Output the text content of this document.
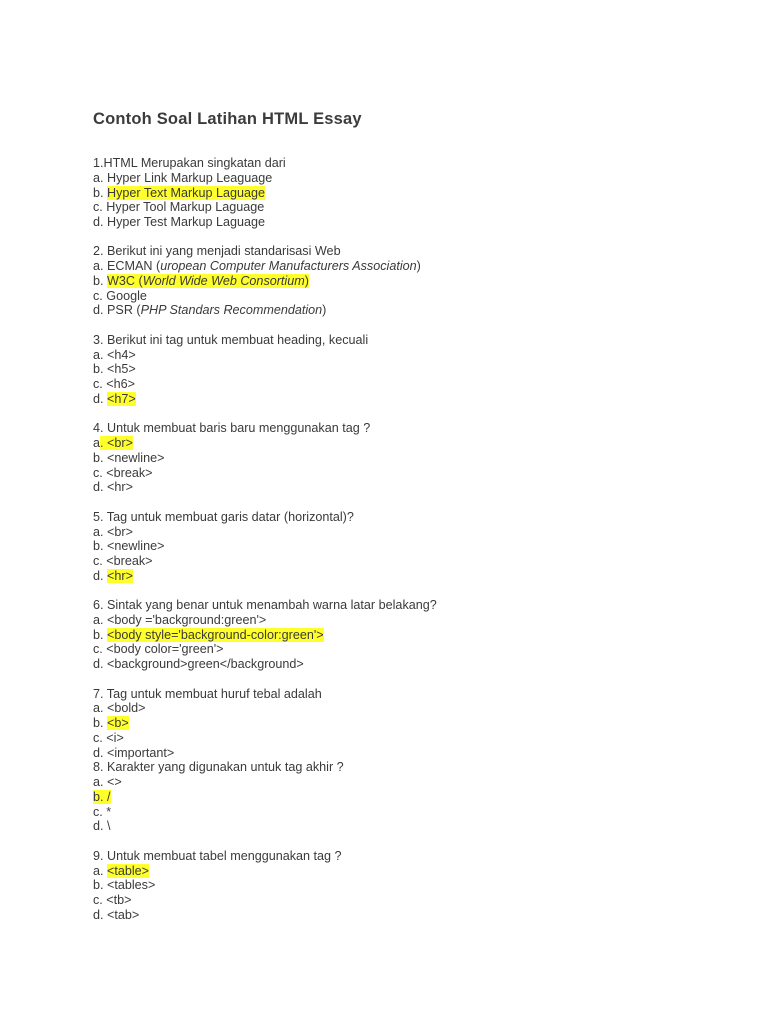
Contoh Soal Latihan HTML Essay
1.HTML Merupakan singkatan dari
a. Hyper Link Markup Leaguage
b. Hyper Text Markup Laguage
c. Hyper Tool Markup Laguage
d. Hyper Test Markup Laguage
2. Berikut ini yang menjadi standarisasi Web
a. ECMAN (uropean Computer Manufacturers Association)
b. W3C (World Wide Web Consortium)
c. Google
d. PSR (PHP Standars Recommendation)
3. Berikut ini tag untuk membuat heading, kecuali
a. <h4>
b. <h5>
c. <h6>
d. <h7>
4. Untuk membuat baris baru menggunakan tag ?
a. <br>
b. <newline>
c. <break>
d. <hr>
5. Tag untuk membuat garis datar (horizontal)?
a. <br>
b. <newline>
c. <break>
d. <hr>
6. Sintak yang benar untuk menambah warna latar belakang?
a. <body ='background:green'>
b. <body style='background-color:green'>
c. <body color='green'>
d. <background>green</background>
7. Tag untuk membuat huruf tebal adalah
a. <bold>
b. <b>
c. <i>
d. <important>
8. Karakter yang digunakan untuk tag akhir ?
a. <>
b. /
c. *
d. \
9. Untuk membuat tabel menggunakan tag ?
a. <table>
b. <tables>
c. <tb>
d. <tab>
